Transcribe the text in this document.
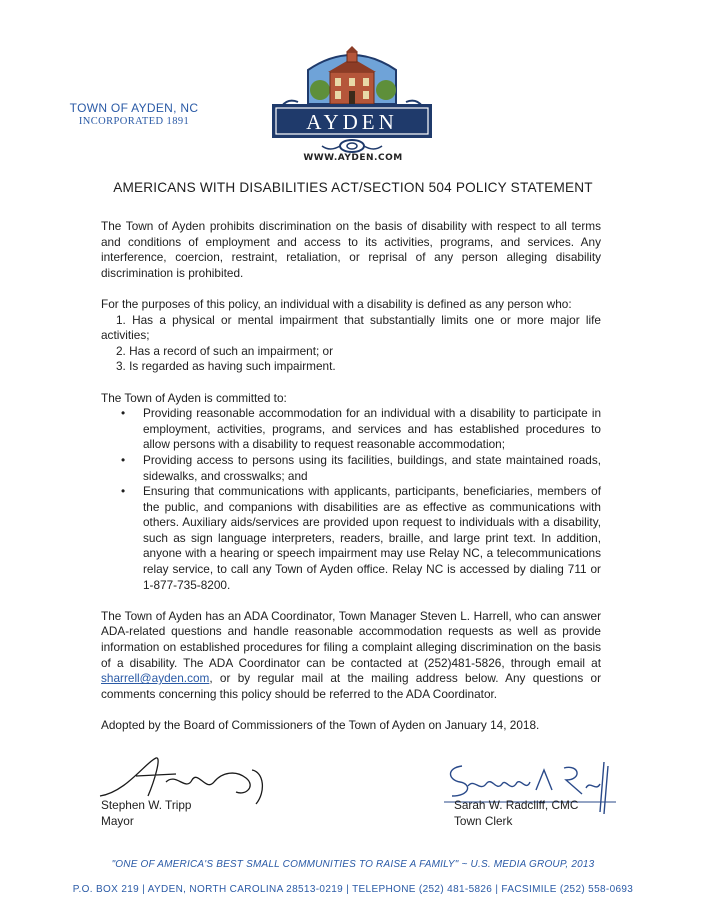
TOWN OF AYDEN, NC
INCORPORATED 1891	AYDEN
WWW.AYDEN.COM
AMERICANS WITH DISABILITIES ACT/SECTION 504 POLICY STATEMENT

The Town of Ayden prohibits discrimination on the basis of disability with respect to all terms and conditions of employment and access to its activities, programs, and services. Any interference, coercion, restraint, retaliation, or reprisal of any person alleging disability discrimination is prohibited.

For the purposes of this policy, an individual with a disability is defined as any person who:

1. Has a physical or mental impairment that substantially limits one or more major life activities;

2. Has a record of such an impairment; or

3. Is regarded as having such impairment.

The Town of Ayden is committed to:

• Providing reasonable accommodation for an individual with a disability to participate in employment, activities, programs, and services and has established procedures to allow persons with a disability to request reasonable accommodation;
• Providing access to persons using its facilities, buildings, and state maintained roads, sidewalks, and crosswalks; and
• Ensuring that communications with applicants, participants, beneficiaries, members of the public, and companions with disabilities are as effective as communications with others. Auxiliary aids/services are provided upon request to individuals with a disability, such as sign language interpreters, readers, braille, and large print text. In addition, anyone with a hearing or speech impairment may use Relay NC, a telecommunications relay service, to call any Town of Ayden office. Relay NC is accessed by dialing 711 or 1-877-735-8200.

The Town of Ayden has an ADA Coordinator, Town Manager Steven L. Harrell, who can answer ADA-related questions and handle reasonable accommodation requests as well as provide information on established procedures for filing a complaint alleging discrimination on the basis of a disability. The ADA Coordinator can be contacted at (252)481-5826, through email at sharrell@ayden.com, or by regular mail at the mailing address below. Any questions or comments concerning this policy should be referred to the ADA Coordinator.

Adopted by the Board of Commissioners of the Town of Ayden on January 14, 2018.

Stephen W. Tripp
Mayor
Sarah W. Radcliff, CMC
Town Clerk
"ONE OF AMERICA'S BEST SMALL COMMUNITIES TO RAISE A FAMILY" ~ U.S. MEDIA GROUP, 2013
P.O. BOX 219 | AYDEN, NORTH CAROLINA 28513-0219 | TELEPHONE (252) 481-5826 | FACSIMILE (252) 558-0693
